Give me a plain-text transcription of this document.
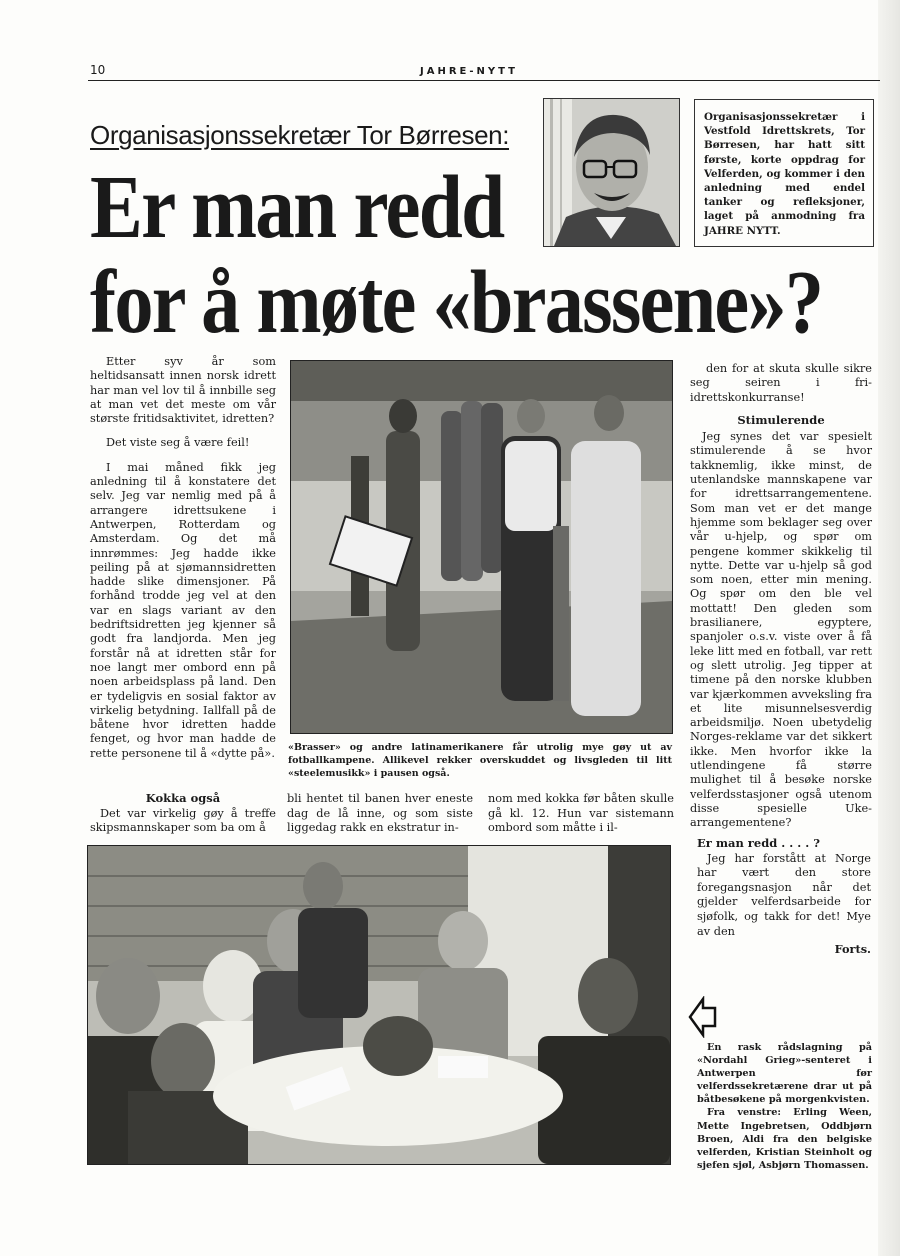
10	JAHRE-NYTT
Organisasjonssekretær Tor Børresen:
Er man redd
for å møte «brassene»?
Organisasjonssekretær i Vestfold Idrettskrets, Tor Børresen, har hatt sitt første, korte oppdrag for Velferden, og kommer i den anledning med endel tanker og refleksjoner, laget på anmodning fra JAHRE NYTT.

Etter syv år som heltidsansatt innen norsk idrett har man vel lov til å innbille seg at man vet det meste om vår største fritidsaktivitet, idretten?

Det viste seg å være feil!

I mai måned fikk jeg anledning til å konstatere det selv. Jeg var nemlig med på å arrangere idrettsukene i Antwerpen, Rotterdam og Amsterdam. Og det må innrømmes: Jeg hadde ikke peiling på at sjømannsidretten hadde slike dimensjoner. På forhånd trodde jeg vel at den var en slags variant av den bedriftsidretten jeg kjenner så godt fra landjorda. Men jeg forstår nå at idretten står for noe langt mer ombord enn på noen arbeidsplass på land. Den er tydeligvis en sosial faktor av virkelig betydning. Iallfall på de båtene hvor idretten hadde fenget, og hvor man hadde de rette personene til å «dytte på». «Brasser» og andre latinamerikanere får utrolig mye gøy ut av fotballkampene. Allikevel rekker overskuddet og livsgleden til litt «steelemusikk» i pausen også.

den for at skuta skulle sikre seg seiren i fri-idrettskonkurranse!

Stimulerende

Jeg synes det var spesielt stimulerende å se hvor takknemlig, ikke minst, de utenlandske mannskapene var for idrettsarrangementene. Som man vet er det mange hjemme som beklager seg over vår u-hjelp, og spør om pengene kommer skikkelig til nytte. Dette var u-hjelp så god som noen, etter min mening. Og spør om den ble vel mottatt! Den gleden som brasilianere, egyptere, spanjoler o.s.v. viste over å få leke litt med en fotball, var rett og slett utrolig. Jeg tipper at timene på den norske klubben var kjærkommen avveksling fra et lite misunnelsesverdig arbeidsmiljø. Noen ubetydelig Norges-reklame var det sikkert ikke. Men hvorfor ikke la utlendingene få større mulighet til å besøke norske velferdsstasjoner også utenom disse spesielle Uke-arrangementene?

Kokka også

Det var virkelig gøy å treffe skipsmannskaper som ba om å

bli hentet til banen hver eneste dag de lå inne, og som siste liggedag rakk en ekstratur in-
nom med kokka før båten skulle gå kl. 12. Hun var sistemann ombord som måtte i il-
Er man redd . . . . ?

Jeg har forstått at Norge har vært den store foregangsnasjon når det gjelder velferdsarbeide for sjøfolk, og takk for det! Mye av den

Forts.

En rask rådslagning på «Nordahl Grieg»-senteret i Antwerpen før velferdssekretærene drar ut på båtbesøkene på morgenkvisten.

Fra venstre: Erling Ween, Mette Ingebretsen, Oddbjørn Broen, Aldi fra den belgiske velferden, Kristian Steinholt og sjefen sjøl, Asbjørn Thomassen.
